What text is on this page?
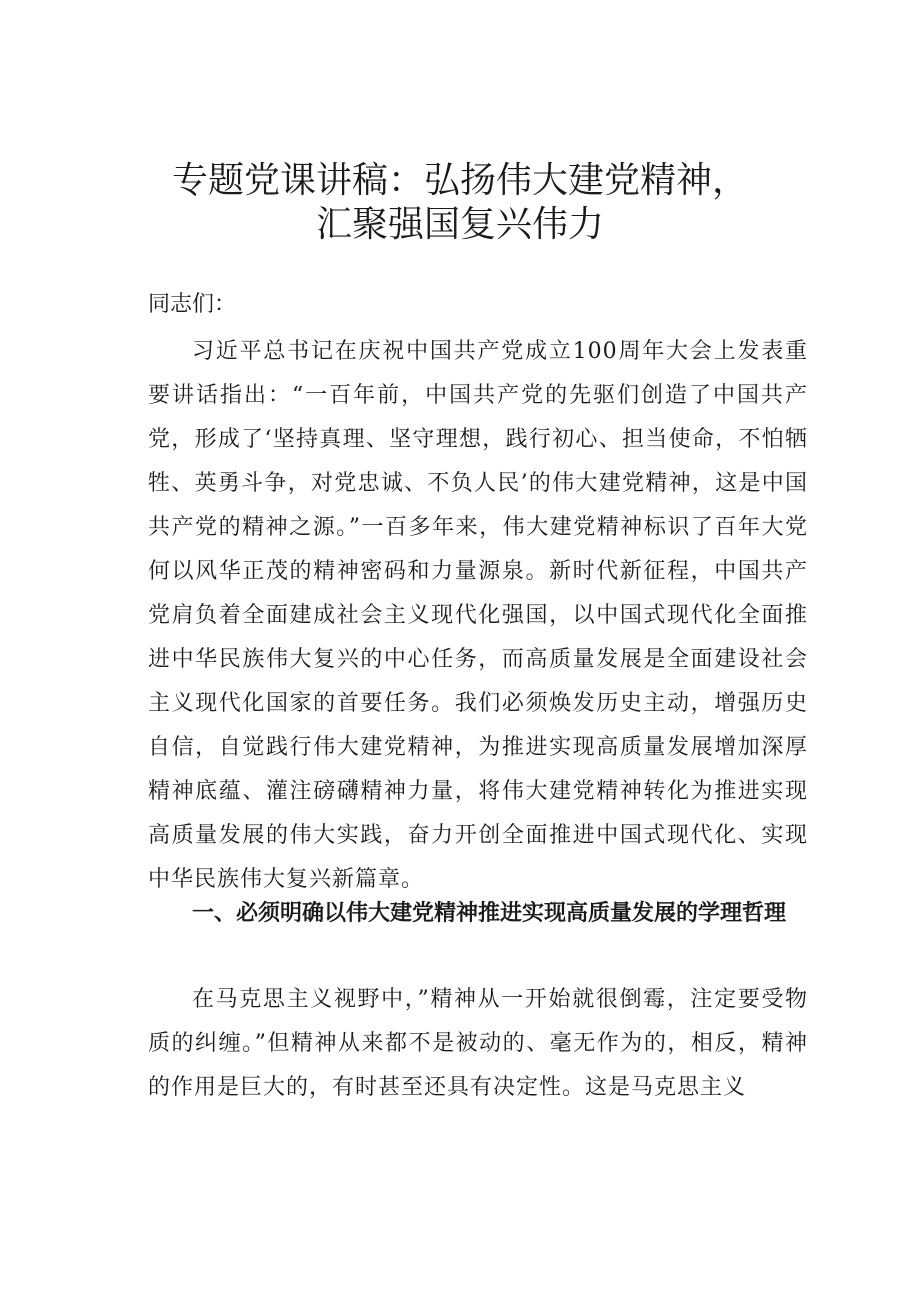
专题党课讲稿：弘扬伟大建党精神，
汇聚强国复兴伟力
同志们：
习近平总书记在庆祝中国共产党成立100周年大会上发表重要讲话指出：“一百年前，中国共产党的先驱们创造了中国共产党，形成了‘坚持真理、坚守理想，践行初心、担当使命，不怕牺牲、英勇斗争，对党忠诚、不负人民’的伟大建党精神，这是中国共产党的精神之源。”一百多年来，伟大建党精神标识了百年大党何以风华正茂的精神密码和力量源泉。新时代新征程，中国共产党肩负着全面建成社会主义现代化强国，以中国式现代化全面推进中华民族伟大复兴的中心任务，而高质量发展是全面建设社会主义现代化国家的首要任务。我们必须焕发历史主动，增强历史自信，自觉践行伟大建党精神，为推进实现高质量发展增加深厚精神底蕴、灌注磅礴精神力量，将伟大建党精神转化为推进实现高质量发展的伟大实践，奋力开创全面推进中国式现代化、实现中华民族伟大复兴新篇章。
一、必须明确以伟大建党精神推进实现高质量发展的学理哲理
在马克思主义视野中，”精神从一开始就很倒霉，注定要受物质的纠缠。”但精神从来都不是被动的、毫无作为的，相反，精神的作用是巨大的，有时甚至还具有决定性。这是马克思主义
